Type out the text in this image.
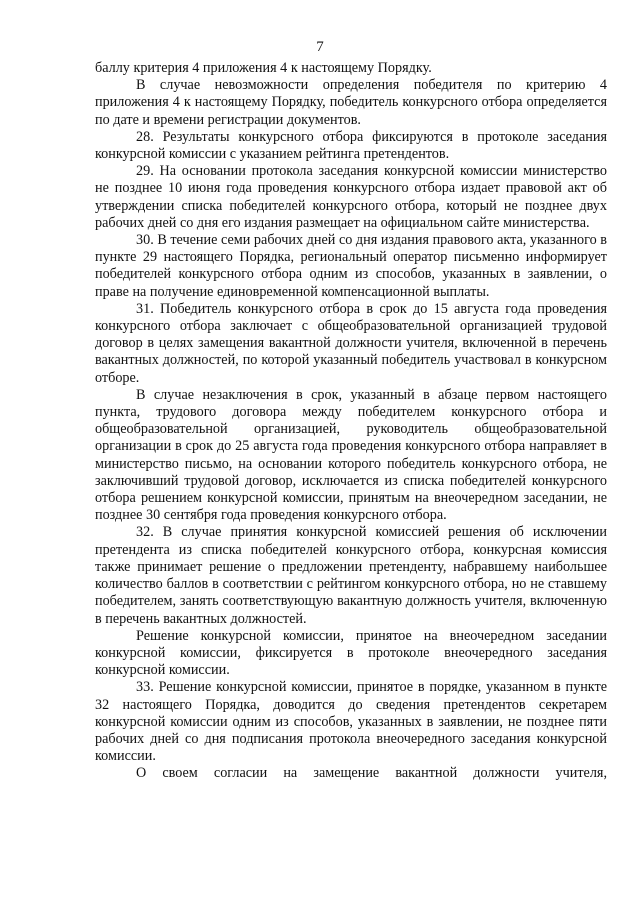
7

баллу критерия 4 приложения 4 к настоящему Порядку.

В случае невозможности определения победителя по критерию 4 приложения 4 к настоящему Порядку, победитель конкурсного отбора определяется по дате и времени регистрации документов.

28. Результаты конкурсного отбора фиксируются в протоколе заседания конкурсной комиссии с указанием рейтинга претендентов.

29. На основании протокола заседания конкурсной комиссии министерство не позднее 10 июня года проведения конкурсного отбора издает правовой акт об утверждении списка победителей конкурсного отбора, который не позднее двух рабочих дней со дня его издания размещает на официальном сайте министерства.

30. В течение семи рабочих дней со дня издания правового акта, указанного в пункте 29 настоящего Порядка, региональный оператор письменно информирует победителей конкурсного отбора одним из способов, указанных в заявлении, о праве на получение единовременной компенсационной выплаты.

31. Победитель конкурсного отбора в срок до 15 августа года проведения конкурсного отбора заключает с общеобразовательной организацией трудовой договор в целях замещения вакантной должности учителя, включенной в перечень вакантных должностей, по которой указанный победитель участвовал в конкурсном отборе.

В случае незаключения в срок, указанный в абзаце первом настоящего пункта, трудового договора между победителем конкурсного отбора и общеобразовательной организацией, руководитель общеобразовательной организации в срок до 25 августа года проведения конкурсного отбора направляет в министерство письмо, на основании которого победитель конкурсного отбора, не заключивший трудовой договор, исключается из списка победителей конкурсного отбора решением конкурсной комиссии, принятым на внеочередном заседании, не позднее 30 сентября года проведения конкурсного отбора.

32. В случае принятия конкурсной комиссией решения об исключении претендента из списка победителей конкурсного отбора, конкурсная комиссия также принимает решение о предложении претенденту, набравшему наибольшее количество баллов в соответствии с рейтингом конкурсного отбора, но не ставшему победителем, занять соответствующую вакантную должность учителя, включенную в перечень вакантных должностей.

Решение конкурсной комиссии, принятое на внеочередном заседании конкурсной комиссии, фиксируется в протоколе внеочередного заседания конкурсной комиссии.

33. Решение конкурсной комиссии, принятое в порядке, указанном в пункте 32 настоящего Порядка, доводится до сведения претендентов секретарем конкурсной комиссии одним из способов, указанных в заявлении, не позднее пяти рабочих дней со дня подписания протокола внеочередного заседания конкурсной комиссии.

О своем согласии на замещение вакантной должности учителя,
